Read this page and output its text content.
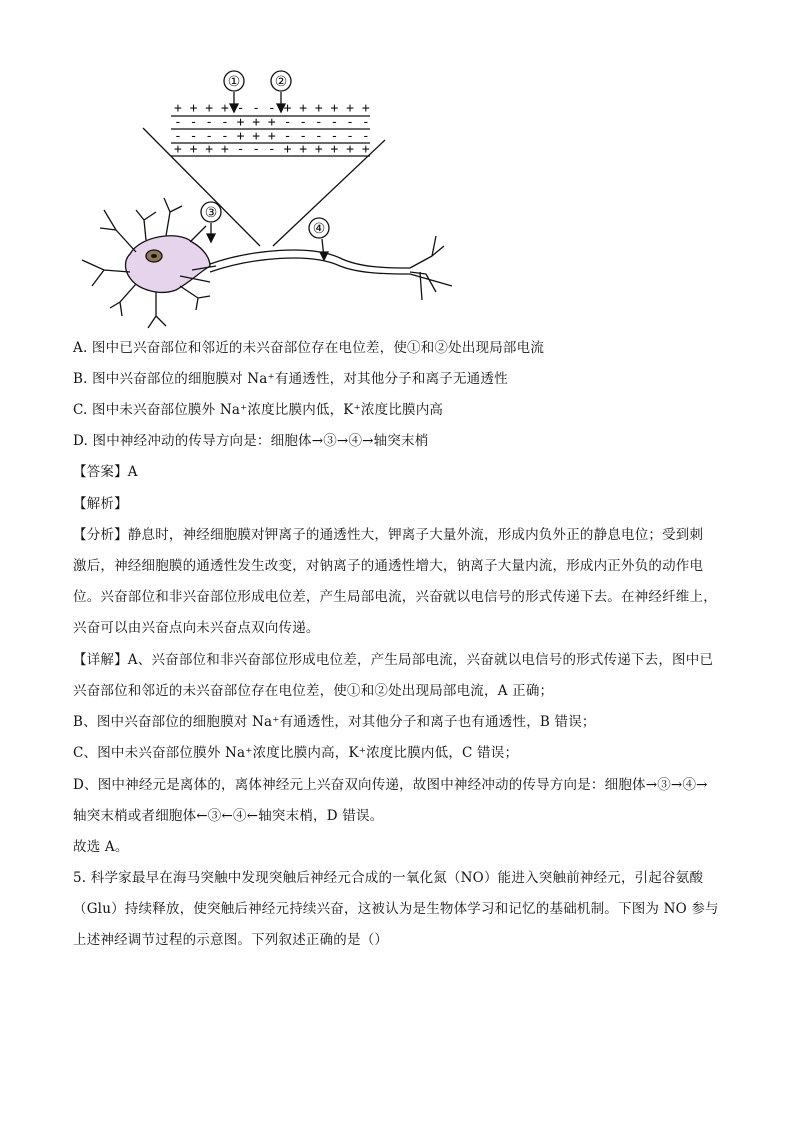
① ②
③
④
+ + + + - - - + + + + + +
- - - - + + + - - - - - -
- - - - + + + - - - - - -
+ + + + - - - + + + + + +
A. 图中已兴奋部位和邻近的未兴奋部位存在电位差，使①和②处出现局部电流
B. 图中兴奋部位的细胞膜对 Na⁺有通透性，对其他分子和离子无通透性
C. 图中未兴奋部位膜外 Na⁺浓度比膜内低，K⁺浓度比膜内高
D. 图中神经冲动的传导方向是：细胞体→③→④→轴突末梢
【答案】A
【解析】
【分析】静息时，神经细胞膜对钾离子的通透性大，钾离子大量外流，形成内负外正的静息电位；受到刺
激后，神经细胞膜的通透性发生改变，对钠离子的通透性增大，钠离子大量内流，形成内正外负的动作电
位。兴奋部位和非兴奋部位形成电位差，产生局部电流，兴奋就以电信号的形式传递下去。在神经纤维上，
兴奋可以由兴奋点向未兴奋点双向传递。
【详解】A、兴奋部位和非兴奋部位形成电位差，产生局部电流，兴奋就以电信号的形式传递下去，图中已
兴奋部位和邻近的未兴奋部位存在电位差，使①和②处出现局部电流，A 正确；
B、图中兴奋部位的细胞膜对 Na⁺有通透性，对其他分子和离子也有通透性，B 错误；
C、图中未兴奋部位膜外 Na⁺浓度比膜内高，K⁺浓度比膜内低，C 错误；
D、图中神经元是离体的，离体神经元上兴奋双向传递，故图中神经冲动的传导方向是：细胞体→③→④→
轴突末梢或者细胞体←③←④←轴突末梢，D 错误。
故选 A。
5. 科学家最早在海马突触中发现突触后神经元合成的一氧化氮（NO）能进入突触前神经元，引起谷氨酸
（Glu）持续释放，使突触后神经元持续兴奋，这被认为是生物体学习和记忆的基础机制。下图为 NO 参与
上述神经调节过程的示意图。下列叙述正确的是（）
